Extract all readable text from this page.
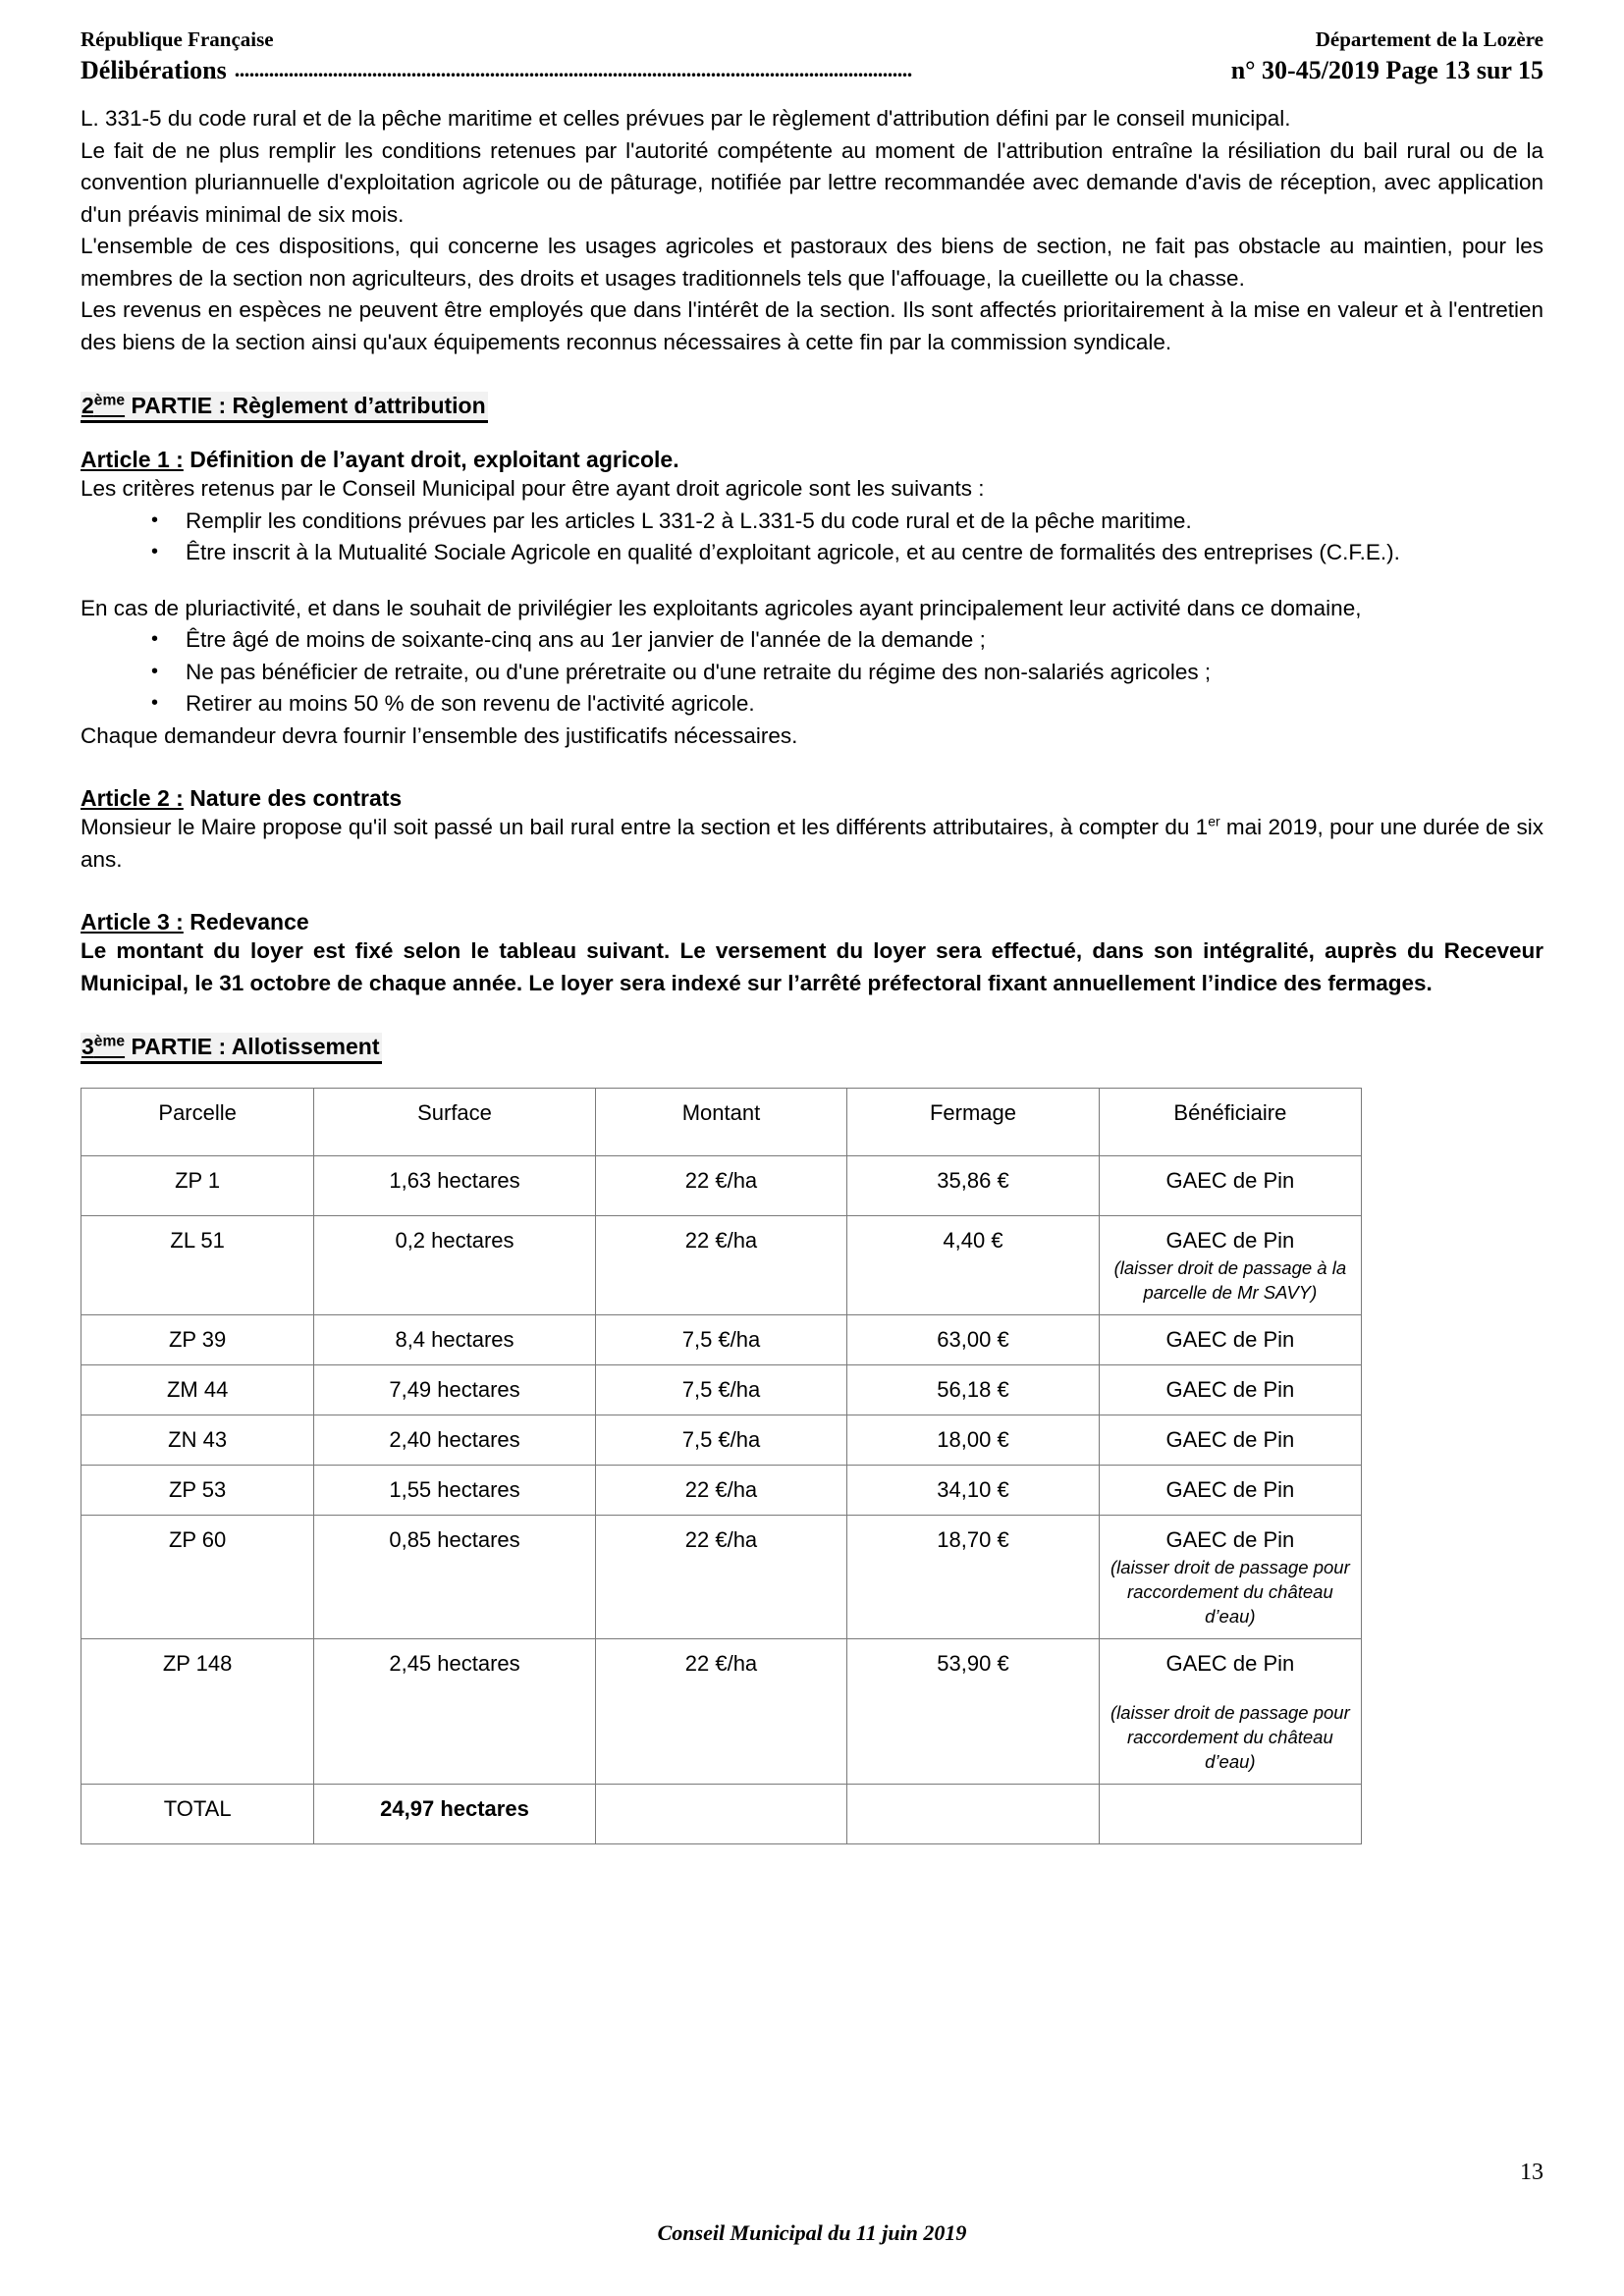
République Française	Département de la Lozère
Délibérations ..........................................................................................................................................	n° 30-45/2019 Page 13 sur 15

L. 331-5 du code rural et de la pêche maritime et celles prévues par le règlement d'attribution défini par le conseil municipal.

Le fait de ne plus remplir les conditions retenues par l'autorité compétente au moment de l'attribution entraîne la résiliation du bail rural ou de la convention pluriannuelle d'exploitation agricole ou de pâturage, notifiée par lettre recommandée avec demande d'avis de réception, avec application d'un préavis minimal de six mois.

L'ensemble de ces dispositions, qui concerne les usages agricoles et pastoraux des biens de section, ne fait pas obstacle au maintien, pour les membres de la section non agriculteurs, des droits et usages traditionnels tels que l'affouage, la cueillette ou la chasse.

Les revenus en espèces ne peuvent être employés que dans l'intérêt de la section. Ils sont affectés prioritairement à la mise en valeur et à l'entretien des biens de la section ainsi qu'aux équipements reconnus nécessaires à cette fin par la commission syndicale.

2ème PARTIE : Règlement d’attribution

Article 1 : Définition de l’ayant droit, exploitant agricole.

Les critères retenus par le Conseil Municipal pour être ayant droit agricole sont les suivants :

• Remplir les conditions prévues par les articles L 331-2 à L.331-5 du code rural et de la pêche maritime.
• Être inscrit à la Mutualité Sociale Agricole en qualité d’exploitant agricole, et au centre de formalités des entreprises (C.F.E.).

En cas de pluriactivité, et dans le souhait de privilégier les exploitants agricoles ayant principalement leur activité dans ce domaine,

• Être âgé de moins de soixante-cinq ans au 1er janvier de l'année de la demande ;
• Ne pas bénéficier de retraite, ou d'une préretraite ou d'une retraite du régime des non-salariés agricoles ;
• Retirer au moins 50 % de son revenu de l'activité agricole.

Chaque demandeur devra fournir l’ensemble des justificatifs nécessaires.

Article 2 : Nature des contrats

Monsieur le Maire propose qu'il soit passé un bail rural entre la section et les différents attributaires, à compter du 1er mai 2019, pour une durée de six ans.

Article 3 : Redevance

Le montant du loyer est fixé selon le tableau suivant. Le versement du loyer sera effectué, dans son intégralité, auprès du Receveur Municipal, le 31 octobre de chaque année. Le loyer sera indexé sur l’arrêté préfectoral fixant annuellement l’indice des fermages.

3ème PARTIE : Allotissement
Parcelle	Surface	Montant	Fermage	Bénéficiaire
ZP 1	1,63 hectares	22 €/ha	35,86 €	GAEC de Pin
ZL 51	0,2 hectares	22 €/ha	4,40 €	GAEC de Pin
(laisser droit de passage à la parcelle de Mr SAVY)

ZP 39	8,4 hectares	7,5 €/ha	63,00 €	GAEC de Pin
ZM 44	7,49 hectares	7,5 €/ha	56,18 €	GAEC de Pin
ZN 43	2,40 hectares	7,5 €/ha	18,00 €	GAEC de Pin
ZP 53	1,55 hectares	22 €/ha	34,10 €	GAEC de Pin
ZP 60	0,85 hectares	22 €/ha	18,70 €	GAEC de Pin
(laisser droit de passage pour raccordement du château d’eau)

ZP 148	2,45 hectares	22 €/ha	53,90 €	GAEC de Pin
(laisser droit de passage pour raccordement du château d’eau)

TOTAL	24,97 hectares			
13
Conseil Municipal du 11 juin 2019
